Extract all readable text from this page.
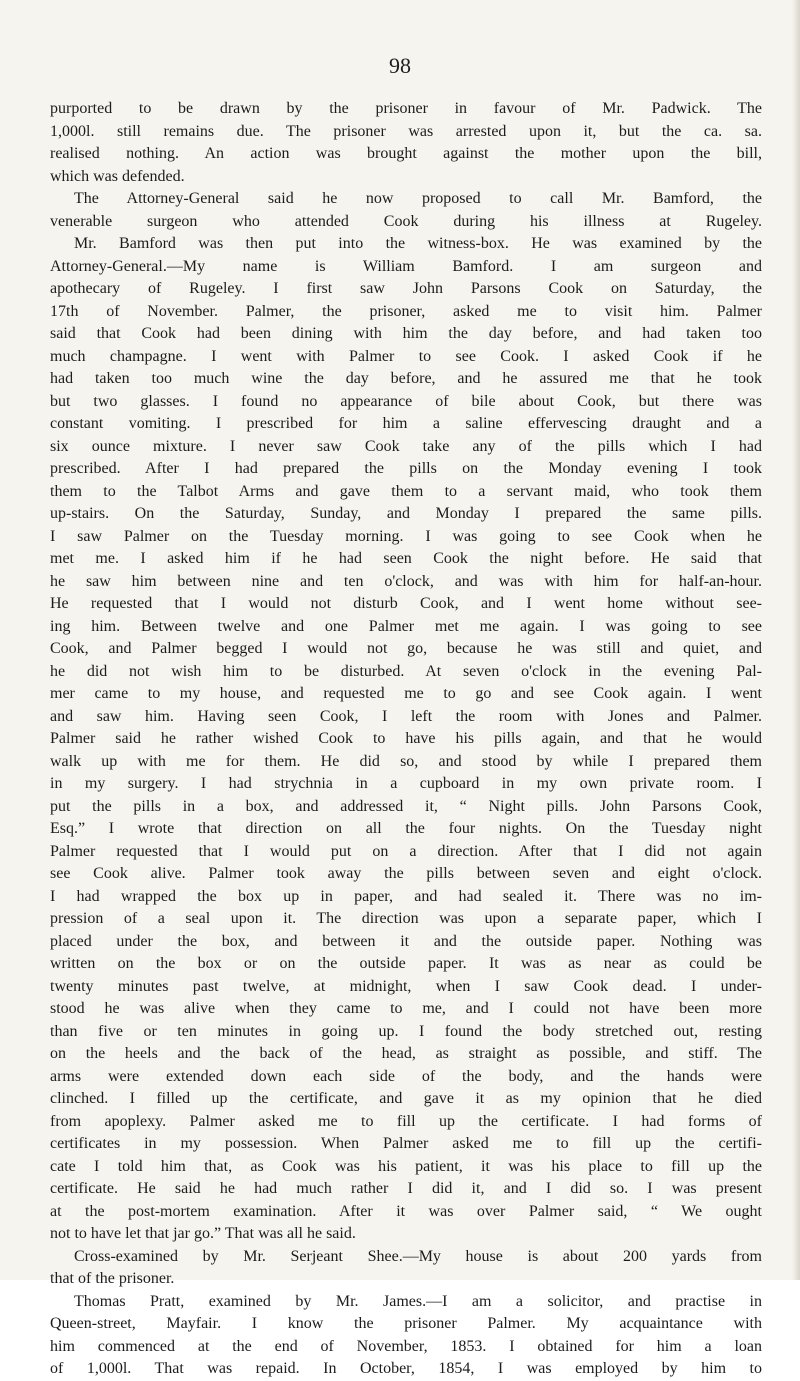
98
purported to be drawn by the prisoner in favour of Mr. Padwick. The
1,000l. still remains due. The prisoner was arrested upon it, but the ca. sa.
realised nothing. An action was brought against the mother upon the bill,
which was defended.
The Attorney-General said he now proposed to call Mr. Bamford, the
venerable surgeon who attended Cook during his illness at Rugeley.
Mr. Bamford was then put into the witness-box. He was examined by the
Attorney-General.—My name is William Bamford. I am surgeon and
apothecary of Rugeley. I first saw John Parsons Cook on Saturday, the
17th of November. Palmer, the prisoner, asked me to visit him. Palmer
said that Cook had been dining with him the day before, and had taken too
much champagne. I went with Palmer to see Cook. I asked Cook if he
had taken too much wine the day before, and he assured me that he took
but two glasses. I found no appearance of bile about Cook, but there was
constant vomiting. I prescribed for him a saline effervescing draught and a
six ounce mixture. I never saw Cook take any of the pills which I had
prescribed. After I had prepared the pills on the Monday evening I took
them to the Talbot Arms and gave them to a servant maid, who took them
up-stairs. On the Saturday, Sunday, and Monday I prepared the same pills.
I saw Palmer on the Tuesday morning. I was going to see Cook when he
met me. I asked him if he had seen Cook the night before. He said that
he saw him between nine and ten o'clock, and was with him for half-an-hour.
He requested that I would not disturb Cook, and I went home without see-
ing him. Between twelve and one Palmer met me again. I was going to see
Cook, and Palmer begged I would not go, because he was still and quiet, and
he did not wish him to be disturbed. At seven o'clock in the evening Pal-
mer came to my house, and requested me to go and see Cook again. I went
and saw him. Having seen Cook, I left the room with Jones and Palmer.
Palmer said he rather wished Cook to have his pills again, and that he would
walk up with me for them. He did so, and stood by while I prepared them
in my surgery. I had strychnia in a cupboard in my own private room. I
put the pills in a box, and addressed it, “ Night pills. John Parsons Cook,
Esq.” I wrote that direction on all the four nights. On the Tuesday night
Palmer requested that I would put on a direction. After that I did not again
see Cook alive. Palmer took away the pills between seven and eight o'clock.
I had wrapped the box up in paper, and had sealed it. There was no im-
pression of a seal upon it. The direction was upon a separate paper, which I
placed under the box, and between it and the outside paper. Nothing was
written on the box or on the outside paper. It was as near as could be
twenty minutes past twelve, at midnight, when I saw Cook dead. I under-
stood he was alive when they came to me, and I could not have been more
than five or ten minutes in going up. I found the body stretched out, resting
on the heels and the back of the head, as straight as possible, and stiff. The
arms were extended down each side of the body, and the hands were
clinched. I filled up the certificate, and gave it as my opinion that he died
from apoplexy. Palmer asked me to fill up the certificate. I had forms of
certificates in my possession. When Palmer asked me to fill up the certifi-
cate I told him that, as Cook was his patient, it was his place to fill up the
certificate. He said he had much rather I did it, and I did so. I was present
at the post-mortem examination. After it was over Palmer said, “ We ought
not to have let that jar go.” That was all he said.
Cross-examined by Mr. Serjeant Shee.—My house is about 200 yards from
that of the prisoner.
Thomas Pratt, examined by Mr. James.—I am a solicitor, and practise in
Queen-street, Mayfair. I know the prisoner Palmer. My acquaintance with
him commenced at the end of November, 1853. I obtained for him a loan
of 1,000l. That was repaid. In October, 1854, I was employed by him to
